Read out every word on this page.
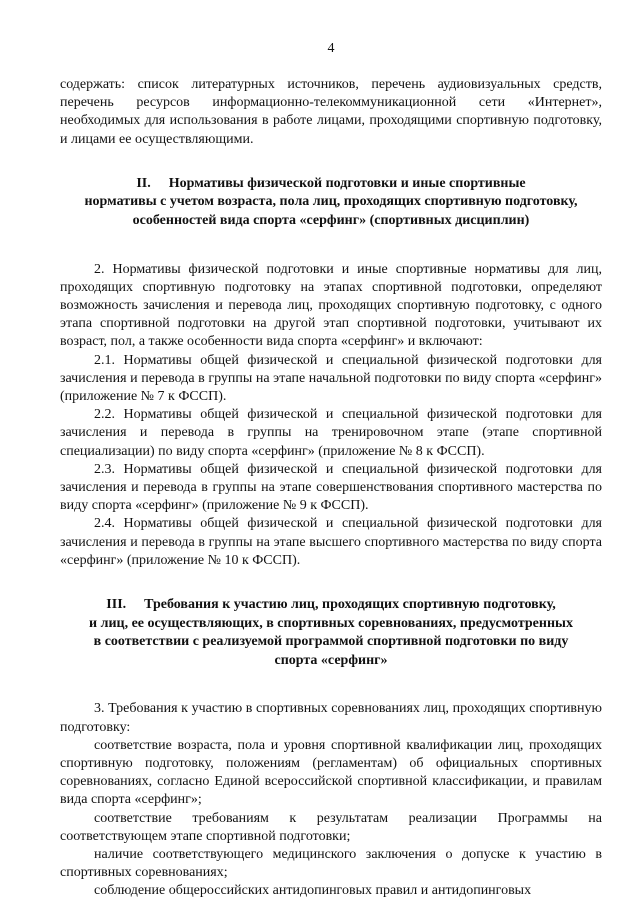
4

содержать: список литературных источников, перечень аудиовизуальных средств, перечень ресурсов информационно-телекоммуникационной сети «Интернет», необходимых для использования в работе лицами, проходящими спортивную подготовку, и лицами ее осуществляющими.

II. Нормативы физической подготовки и иные спортивные
нормативы с учетом возраста, пола лиц, проходящих спортивную подготовку,
особенностей вида спорта «серфинг» (спортивных дисциплин)

2. Нормативы физической подготовки и иные спортивные нормативы для лиц, проходящих спортивную подготовку на этапах спортивной подготовки, определяют возможность зачисления и перевода лиц, проходящих спортивную подготовку, с одного этапа спортивной подготовки на другой этап спортивной подготовки, учитывают их возраст, пол, а также особенности вида спорта «серфинг» и включают:

2.1. Нормативы общей физической и специальной физической подготовки для зачисления и перевода в группы на этапе начальной подготовки по виду спорта «серфинг» (приложение № 7 к ФССП).

2.2. Нормативы общей физической и специальной физической подготовки для зачисления и перевода в группы на тренировочном этапе (этапе спортивной специализации) по виду спорта «серфинг» (приложение № 8 к ФССП).

2.3. Нормативы общей физической и специальной физической подготовки для зачисления и перевода в группы на этапе совершенствования спортивного мастерства по виду спорта «серфинг» (приложение № 9 к ФССП).

2.4. Нормативы общей физической и специальной физической подготовки для зачисления и перевода в группы на этапе высшего спортивного мастерства по виду спорта «серфинг» (приложение № 10 к ФССП).

III. Требования к участию лиц, проходящих спортивную подготовку,
и лиц, ее осуществляющих, в спортивных соревнованиях, предусмотренных
в соответствии с реализуемой программой спортивной подготовки по виду
спорта «серфинг»

3. Требования к участию в спортивных соревнованиях лиц, проходящих спортивную подготовку:

соответствие возраста, пола и уровня спортивной квалификации лиц, проходящих спортивную подготовку, положениям (регламентам) об официальных спортивных соревнованиях, согласно Единой всероссийской спортивной классификации, и правилам вида спорта «серфинг»;

соответствие требованиям к результатам реализации Программы на соответствующем этапе спортивной подготовки;

наличие соответствующего медицинского заключения о допуске к участию в спортивных соревнованиях;

соблюдение общероссийских антидопинговых правил и антидопинговых
